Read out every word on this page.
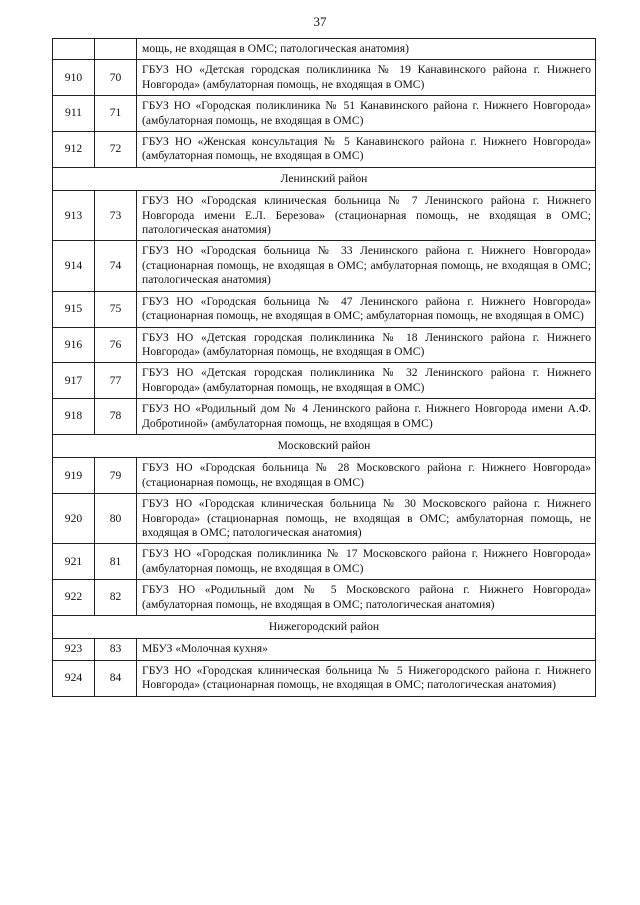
37
		мощь, не входящая в ОМС; патологическая анатомия)
910	70	ГБУЗ НО «Детская городская поликлиника № 19 Канавинского района г. Нижнего Новгорода» (амбулаторная помощь, не входящая в ОМС)
911	71	ГБУЗ НО «Городская поликлиника № 51 Канавинского района г. Нижнего Новгорода» (амбулаторная помощь, не входящая в ОМС)
912	72	ГБУЗ НО «Женская консультация № 5 Канавинского района г. Нижнего Новгорода» (амбулаторная помощь, не входящая в ОМС)
Ленинский район		
913	73	ГБУЗ НО «Городская клиническая больница № 7 Ленинского района г. Нижнего Новгорода имени Е.Л. Березова» (стационарная помощь, не входящая в ОМС; патологическая анатомия)
914	74	ГБУЗ НО «Городская больница № 33 Ленинского района г. Нижнего Новгорода» (стационарная помощь, не входящая в ОМС; амбулаторная помощь, не входящая в ОМС; патологическая анатомия)
915	75	ГБУЗ НО «Городская больница № 47 Ленинского района г. Нижнего Новгорода» (стационарная помощь, не входящая в ОМС; амбулаторная помощь, не входящая в ОМС)
916	76	ГБУЗ НО «Детская городская поликлиника № 18 Ленинского района г. Нижнего Новгорода» (амбулаторная помощь, не входящая в ОМС)
917	77	ГБУЗ НО «Детская городская поликлиника № 32 Ленинского района г. Нижнего Новгорода» (амбулаторная помощь, не входящая в ОМС)
918	78	ГБУЗ НО «Родильный дом № 4 Ленинского района г. Нижнего Новгорода имени А.Ф. Добротиной» (амбулаторная помощь, не входящая в ОМС)
Московский район		
919	79	ГБУЗ НО «Городская больница № 28 Московского района г. Нижнего Новгорода» (стационарная помощь, не входящая в ОМС)
920	80	ГБУЗ НО «Городская клиническая больница № 30 Московского района г. Нижнего Новгорода» (стационарная помощь, не входящая в ОМС; амбулаторная помощь, не входящая в ОМС; патологическая анатомия)
921	81	ГБУЗ НО «Городская поликлиника № 17 Московского района г. Нижнего Новгорода» (амбулаторная помощь, не входящая в ОМС)
922	82	ГБУЗ НО «Родильный дом № 5 Московского района г. Нижнего Новгорода» (амбулаторная помощь, не входящая в ОМС; патологическая анатомия)
Нижегородский район		
923	83	МБУЗ «Молочная кухня»
924	84	ГБУЗ НО «Городская клиническая больница № 5 Нижегородского района г. Нижнего Новгорода» (стационарная помощь, не входящая в ОМС; патологическая анатомия)
